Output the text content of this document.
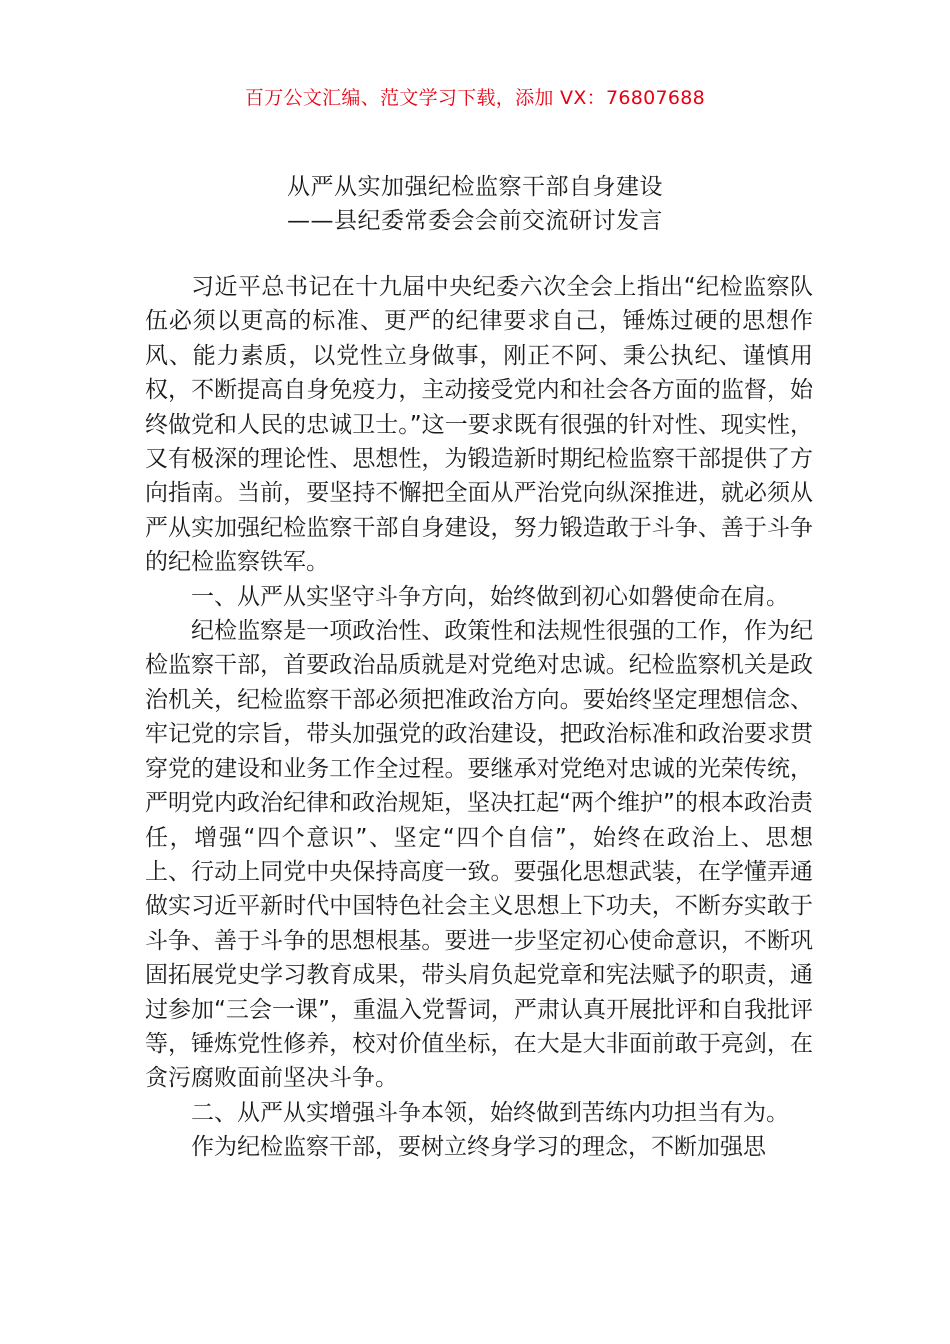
百万公文汇编、范文学习下载，添加 VX：76807688
从严从实加强纪检监察干部自身建设
——县纪委常委会会前交流研讨发言

习近平总书记在十九届中央纪委六次全会上指出“纪检监察队伍必须以更高的标准、更严的纪律要求自己，锤炼过硬的思想作风、能力素质，以党性立身做事，刚正不阿、秉公执纪、谨慎用权，不断提高自身免疫力，主动接受党内和社会各方面的监督，始终做党和人民的忠诚卫士。”这一要求既有很强的针对性、现实性，又有极深的理论性、思想性，为锻造新时期纪检监察干部提供了方向指南。当前，要坚持不懈把全面从严治党向纵深推进，就必须从严从实加强纪检监察干部自身建设，努力锻造敢于斗争、善于斗争的纪检监察铁军。

一、从严从实坚守斗争方向，始终做到初心如磐使命在肩。

纪检监察是一项政治性、政策性和法规性很强的工作，作为纪检监察干部，首要政治品质就是对党绝对忠诚。纪检监察机关是政治机关，纪检监察干部必须把准政治方向。要始终坚定理想信念、牢记党的宗旨，带头加强党的政治建设，把政治标准和政治要求贯穿党的建设和业务工作全过程。要继承对党绝对忠诚的光荣传统，严明党内政治纪律和政治规矩，坚决扛起“两个维护”的根本政治责任，增强“四个意识”、坚定“四个自信”，始终在政治上、思想上、行动上同党中央保持高度一致。要强化思想武装，在学懂弄通做实习近平新时代中国特色社会主义思想上下功夫，不断夯实敢于斗争、善于斗争的思想根基。要进一步坚定初心使命意识，不断巩固拓展党史学习教育成果，带头肩负起党章和宪法赋予的职责，通过参加“三会一课”，重温入党誓词，严肃认真开展批评和自我批评等，锤炼党性修养，校对价值坐标，在大是大非面前敢于亮剑，在贪污腐败面前坚决斗争。

二、从严从实增强斗争本领，始终做到苦练内功担当有为。

作为纪检监察干部，要树立终身学习的理念，不断加强思
